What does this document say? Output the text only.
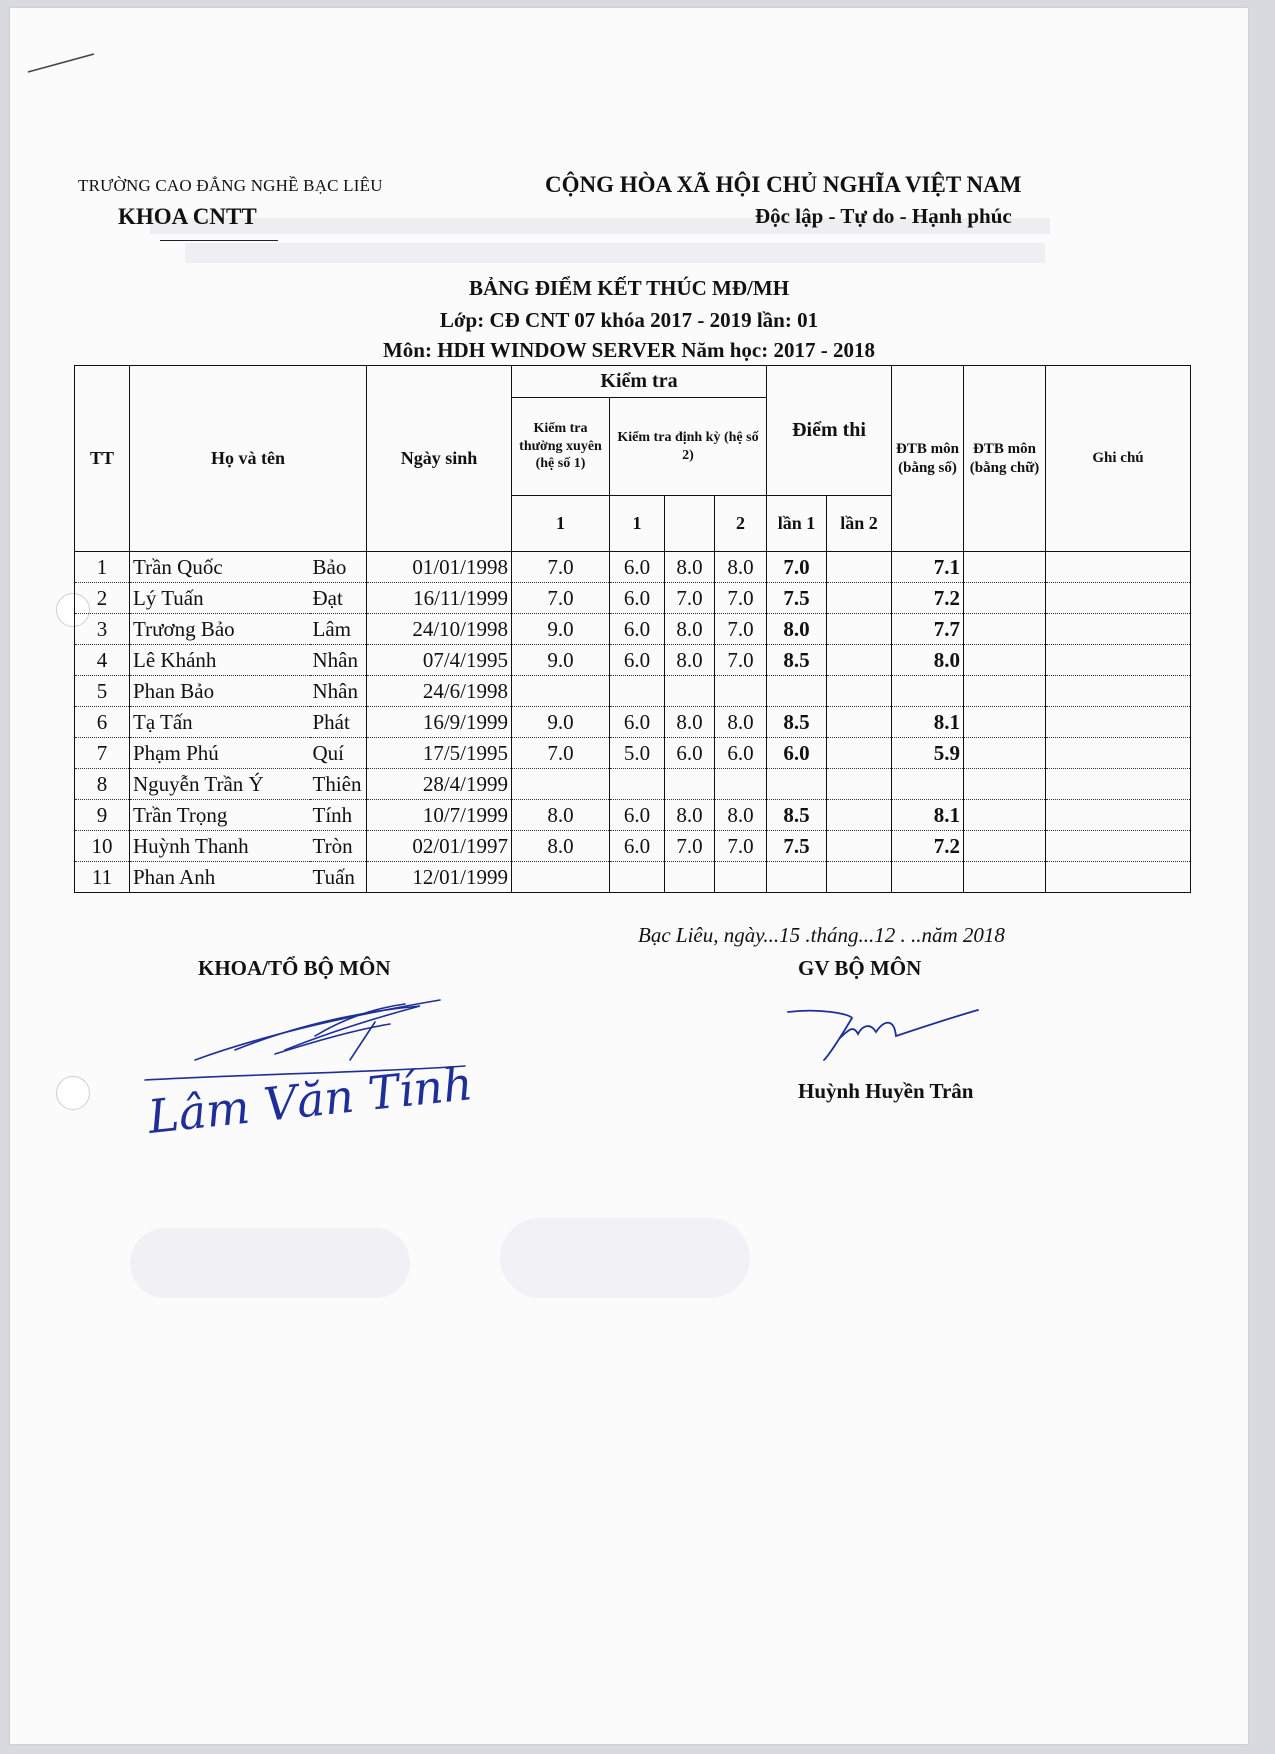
TRƯỜNG CAO ĐẲNG NGHỀ BẠC LIÊU
KHOA CNTT
CỘNG HÒA XÃ HỘI CHỦ NGHĨA VIỆT NAM
Độc lập - Tự do - Hạnh phúc
BẢNG ĐIỂM KẾT THÚC MĐ/MH
Lớp: CĐ CNT 07 khóa 2017 - 2019 lần: 01
Môn: HDH WINDOW SERVER Năm học: 2017 - 2018
TT	Họ và tên		Ngày sinh	Kiểm tra				Điểm thi		ĐTB môn (bằng số)	ĐTB môn (bằng chữ)	Ghi chú
				Kiểm tra thường xuyên (hệ số 1)	Kiểm tra định kỳ (hệ số 2)							
				1	1		2	lần 1	lần 2			
1	Trần Quốc	Bảo	01/01/1998	7.0	6.0	8.0	8.0	7.0		7.1		
2	Lý Tuấn	Đạt	16/11/1999	7.0	6.0	7.0	7.0	7.5		7.2		
3	Trương Bảo	Lâm	24/10/1998	9.0	6.0	8.0	7.0	8.0		7.7		
4	Lê Khánh	Nhân	07/4/1995	9.0	6.0	8.0	7.0	8.5		8.0		
5	Phan Bảo	Nhân	24/6/1998									
6	Tạ Tấn	Phát	16/9/1999	9.0	6.0	8.0	8.0	8.5		8.1		
7	Phạm Phú	Quí	17/5/1995	7.0	5.0	6.0	6.0	6.0		5.9		
8	Nguyễn Trần Ý	Thiên	28/4/1999									
9	Trần Trọng	Tính	10/7/1999	8.0	6.0	8.0	8.0	8.5		8.1		
10	Huỳnh Thanh	Tròn	02/01/1997	8.0	6.0	7.0	7.0	7.5		7.2		
11	Phan Anh	Tuấn	12/01/1999									
Bạc Liêu, ngày...15 .tháng...12 . ..năm 2018
KHOA/TỔ BỘ MÔN	GV BỘ MÔN
Lâm Văn Tính	Huỳnh Huyền Trân
